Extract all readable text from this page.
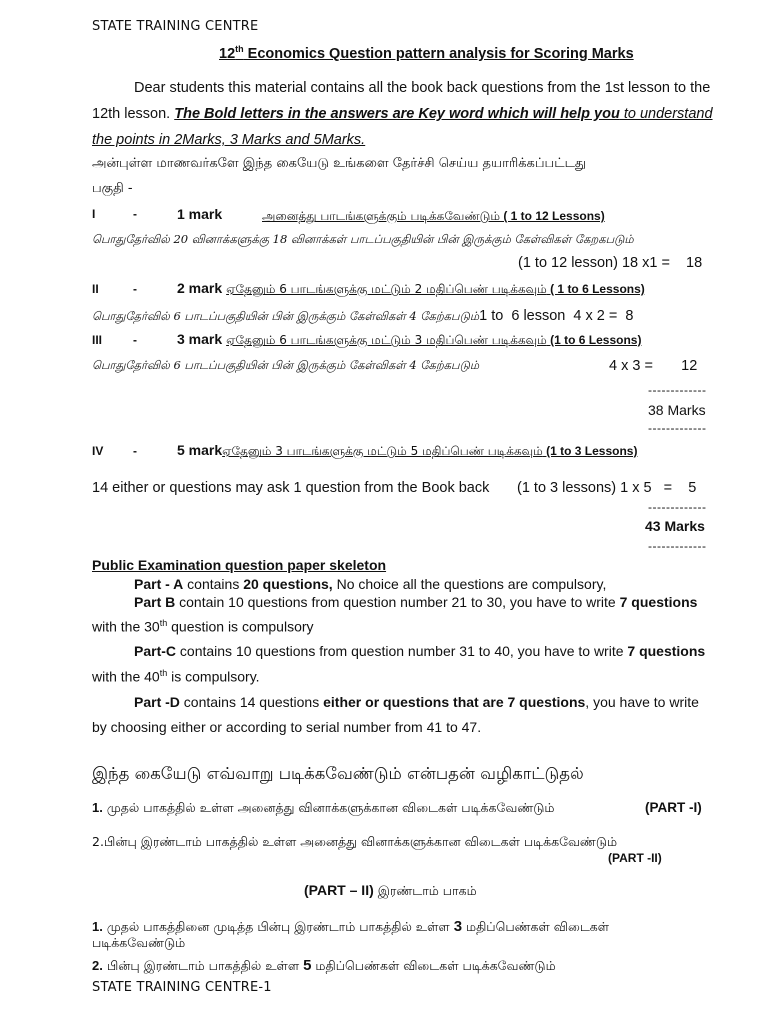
STATE TRAINING CENTRE
12th Economics Question pattern analysis for Scoring Marks
Dear students this material contains all the book back questions from the 1st lesson to the
12th lesson. The Bold letters in the answers are Key word which will help you to understand
the points in 2Marks, 3 Marks and 5Marks.
அன்புள்ள மாணவர்களே இந்த கையேடு உங்களை தேர்ச்சி செய்ய தயாரிக்கப்பட்டது
பகுதி -
I	-	1 mark	அனைத்து பாடங்களுக்கும் படிக்கவேண்டும் ( 1 to 12 Lessons)
பொதுதேர்வில் 20 வினாக்களுக்கு 18 வினாக்கள் பாடப்பகுதியின் பின் இருக்கும் கேள்விகள் கேறகபடும்
(1 to 12 lesson) 18 x1 =    18
II	-	2 mark ஏதேனும் 6 பாடங்களுக்கு மட்டும் 2 மதிப்பெண் படிக்கவும் ( 1 to 6 Lessons)
பொதுதேர்வில் 6 பாடப்பகுதியின் பின் இருக்கும் கேள்விகள் 4 கேற்கபடும்1 to  6 lesson  4 x 2 =  8
III	-	3 mark ஏதேனும் 6 பாடங்களுக்கு மட்டும் 3 மதிப்பெண் படிக்கவும் (1 to 6 Lessons)
பொதுதேர்வில் 6 பாடப்பகுதியின் பின் இருக்கும் கேள்விகள் 4 கேற்கபடும்	4 x 3 =       12
-------------
38 Marks
-------------
IV -	5 markஏதேனும் 3 பாடங்களுக்கு மட்டும் 5 மதிப்பெண் படிக்கவும் (1 to 3 Lessons)
14 either or questions may ask 1 question from the Book back (1 to 3 lessons) 1 x 5   =    5
-------------
43 Marks
-------------
Public Examination question paper skeleton
Part - A contains 20 questions, No choice all the questions are compulsory,
Part B contain 10 questions from question number 21 to 30, you have to write 7 questions
with the 30th question is compulsory
Part-C contains 10 questions from question number 31 to 40, you have to write 7 questions
with the 40th is compulsory.
Part -D contains 14 questions either or questions that are 7 questions, you have to write
by choosing either or according to serial number from 41 to 47.
இந்த கையேடு எவ்வாறு படிக்கவேண்டும் என்பதன் வழிகாட்டுதல்
1. முதல் பாகத்தில் உள்ள அனைத்து வினாக்களுக்கான விடைகள் படிக்கவேண்டும்	(PART -I)
2.பின்பு இரண்டாம் பாகத்தில் உள்ள அனைத்து வினாக்களுக்கான விடைகள் படிக்கவேண்டும்
(PART -II)
(PART – II) இரண்டாம் பாகம்
1. முதல் பாகத்தினை முடித்த பின்பு இரண்டாம் பாகத்தில் உள்ள 3 மதிப்பெண்கள் விடைகள்
படிக்கவேண்டும்
2. பின்பு இரண்டாம் பாகத்தில் உள்ள 5 மதிப்பெண்கள் விடைகள் படிக்கவேண்டும்
STATE TRAINING CENTRE-1
